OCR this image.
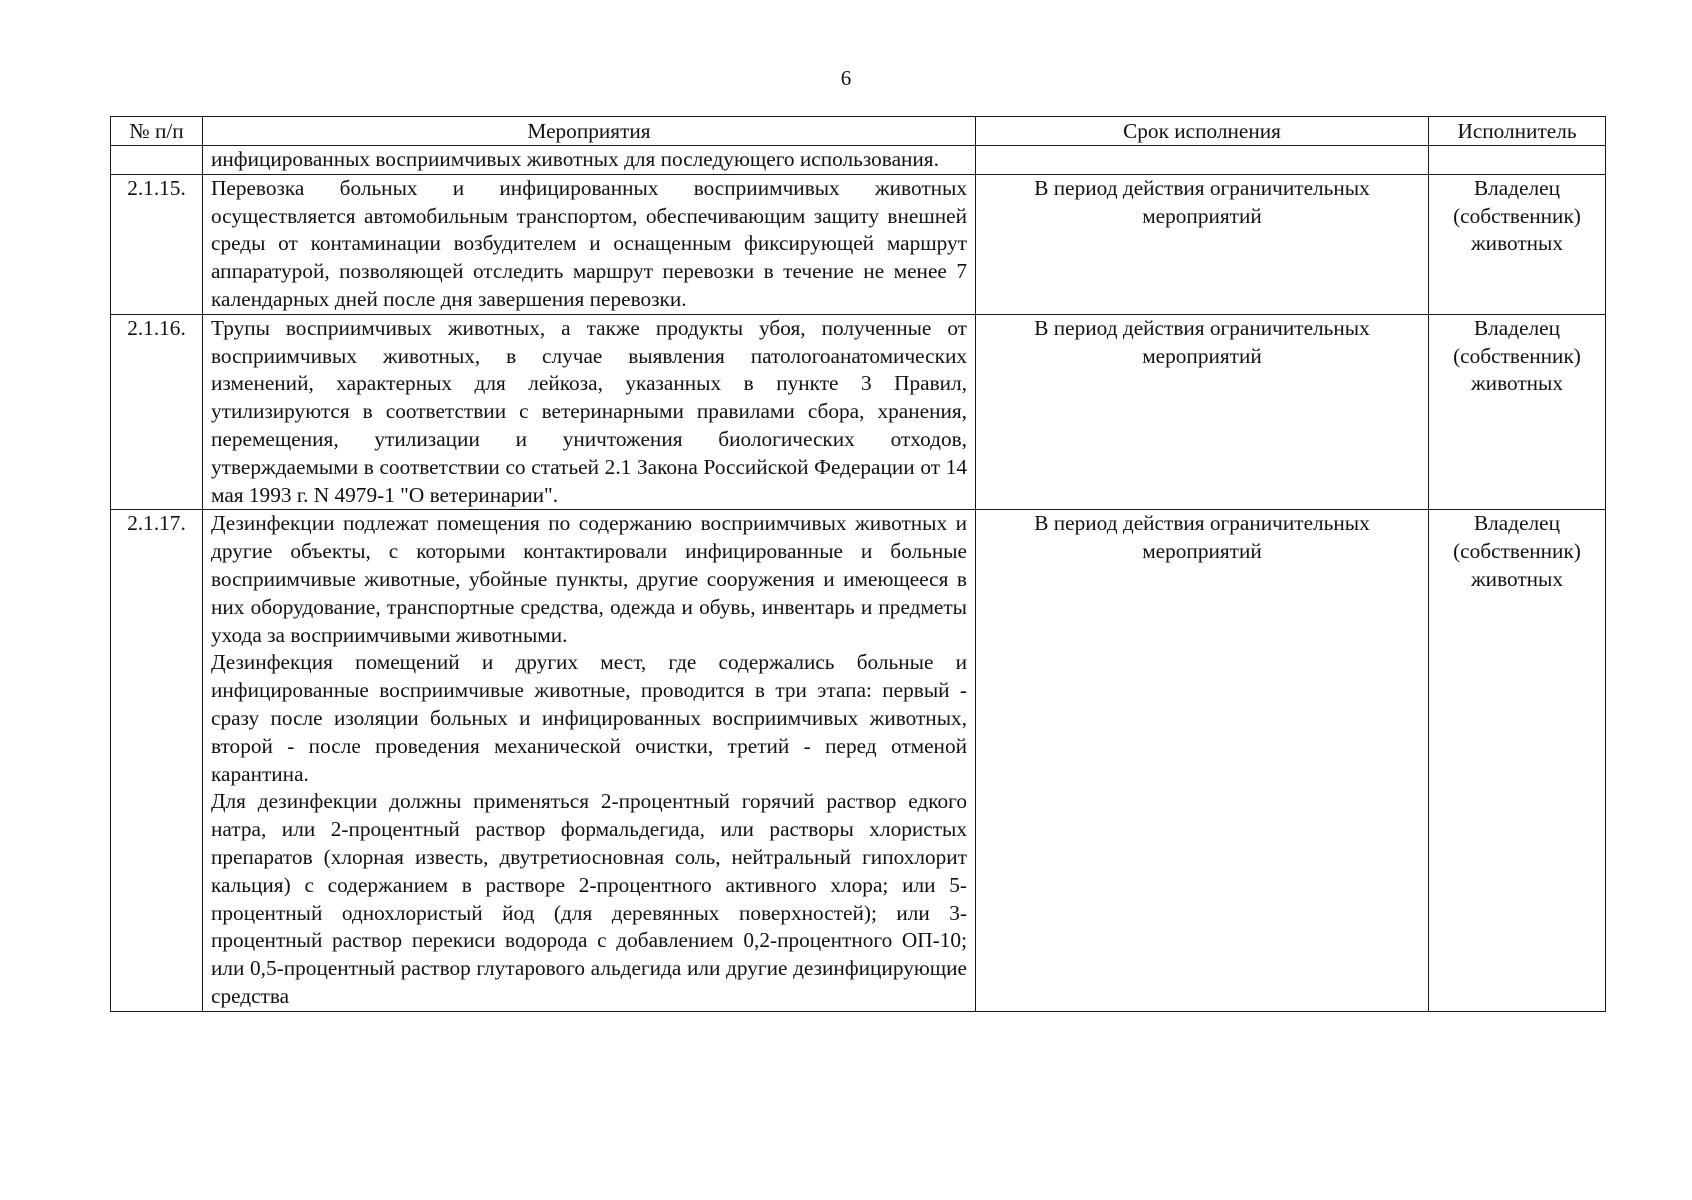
6
№ п/п	Мероприятия	Срок исполнения	Исполнитель

	инфицированных восприимчивых животных для последующего использования.		

2.1.15.	Перевозка больных и инфицированных восприимчивых животных осуществляется автомобильным транспортом, обеспечивающим защиту внешней среды от контаминации возбудителем и оснащенным фиксирующей маршрут аппаратурой, позволяющей отследить маршрут перевозки в течение не менее 7 календарных дней после дня завершения перевозки.	В период действия ограничительных мероприятий	Владелец (собственник) животных

2.1.16.	Трупы восприимчивых животных, а также продукты убоя, полученные от восприимчивых животных, в случае выявления патологоанатомических изменений, характерных для лейкоза, указанных в пункте 3 Правил, утилизируются в соответствии с ветеринарными правилами сбора, хранения, перемещения, утилизации и уничтожения биологических отходов, утверждаемыми в соответствии со статьей 2.1 Закона Российской Федерации от 14 мая 1993 г. N 4979-1 "О ветеринарии".	В период действия ограничительных мероприятий	Владелец (собственник) животных

2.1.17.	Дезинфекции подлежат помещения по содержанию восприимчивых животных и другие объекты, с которыми контактировали инфицированные и больные восприимчивые животные, убойные пункты, другие сооружения и имеющееся в них оборудование, транспортные средства, одежда и обувь, инвентарь и предметы ухода за восприимчивыми животными.

Дезинфекция помещений и других мест, где содержались больные и инфицированные восприимчивые животные, проводится в три этапа: первый - сразу после изоляции больных и инфицированных восприимчивых животных, второй - после проведения механической очистки, третий - перед отменой карантина.

Для дезинфекции должны применяться 2-процентный горячий раствор едкого натра, или 2-процентный раствор формальдегида, или растворы хлористых препаратов (хлорная известь, двутретиосновная соль, нейтральный гипохлорит кальция) с содержанием в растворе 2-процентного активного хлора; или 5-процентный однохлористый йод (для деревянных поверхностей); или 3-процентный раствор перекиси водорода с добавлением 0,2-процентного ОП-10; или 0,5-процентный раствор глутарового альдегида или другие дезинфицирующие средства	В период действия ограничительных мероприятий	Владелец (собственник) животных
